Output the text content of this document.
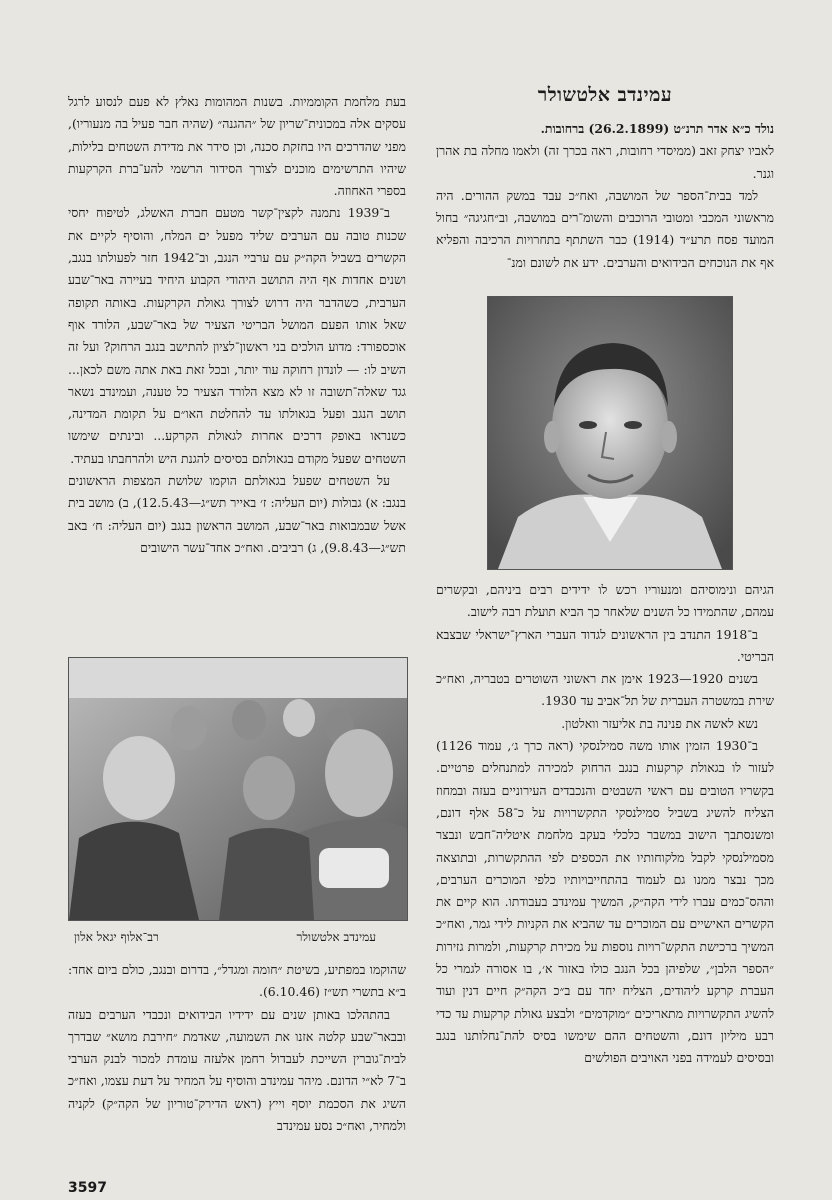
עמינדב אלטשולר

נולד כ״א אדר תרנ״ט (26.2.1899) ברחובות.

לאביו יצחק זאב (ממיסדי רחובות, ראה בכרך זה) ולאמו מחלה בת אהרן וגנר.

למד בבית־הספר של המושבה, ואח״כ עבד במשק ההורים. היה מראשוני המכבי ומטובי הרוכבים והשומ־רים במושבה, וב״חגיגה״ בחול המועד פסח תרע״ד (1914) כבר השתתף בתחרויות הרכיבה והפליא אף את הנוכחים הבידואים והערבים. ידע את לשונם ומנ־

הגיהם ונימוסיהם ומנעוריו רכש לו ידידים רבים ביניהם, ובקשרים עמהם, שהתמידו כל השנים שלאחר כך הביא תועלת רבה לישוב.

ב־1918 התנדב בין הראשונים לגדוד העברי הארץ־ישראלי שבצבא הבריטי.

בשנים 1920—1923 אימן את ראשוני השוטרים בטבריה, ואח״כ שירת במשטרה העברית של תל־אביב עד 1930.

נשא לאשה את פנינה בת אליעזר וואלטון.

ב־1930 הזמין אותו משה סמילנסקי (ראה כרך ג׳, עמוד 1126) לעזור לו בגאולת קרקעות בנגב הרחוק למכירה למתנחלים פרטיים. בקשריו הטובים עם ראשי השבטים והנכבדים העירוניים בעזה ובמחוז הצליח להשיג בשביל סמילנסקי התקשרויות על כ־58 אלף דונם, ומשנסתבך הישוב במשבר כלכלי בעקב מלחמת איטליה־חבש ונבצר מסמילנסקי לקבל מלקוחותיו את הכספים לפי ההתקשרות, ובתוצאה מכך נבצר ממנו גם לעמוד בהתחייבויותיו כלפי המוכרים הערבים, וההס־כמים עברו לידי הקה״ק, המשיך עמינדב בעבודתו. הוא קיים את הקשרים האישיים עם המוכרים עד שהביא את הקניות לידי גמר, ואח״כ המשיך ברכישת התקש־רויות נוספות על מכירת קרקעות, ולמרות גזירות ״הספר הלבן״, שלפיהן בכל הנגב כולו באזור א׳, בו אסורה לגמרי כל העברת קרקע ליהודים, הצליח יחד עם ב״כ הקה״ק חיים דנין ועוד להשיג התקשרויות מתאריכים ״מוקדמים״ ולבצע גאולת קרקעות עד כדי רבע מיליון דונם, והשטחים ההם שימשו בסיס להת־נחלותנו בנגב ובסיסים לעמידה בפני האויבים הפולשים

בעת מלחמת הקוממיות. בשנות המהומות נאלץ לא פעם לנסוע לרגל עסקים אלה במכונית־שריון של ״ההגנה״ (שהיה חבר פעיל בה מנעוריו), מפני שהדרכים היו בחזקת סכנה, וכן סידר את מדידת השטחים בלילות, שיהיו התרשימים מוכנים לצורך הסידור הרשמי להע־ברת הקרקעות בספרי האחוזה.

ב־1939 נתמנה לקצין־קשר מטעם חברת האשלג, לטיפוח יחסי שכנות טובה עם הערבים שליד מפעל ים המלח, והוסיף לקיים את הקשרים בשביל הקה״ק עם ערביי הנגב, וב־1942 חזר לפעולתו בנגב, ושנים אחדות אף היה התושב היהודי הקבוע היחיד בעיירה באר־שבע הערבית, כשהדבר היה דרוש לצורך גאולת הקרקעות. באותה תקופה שאל אותו הפעם המושל הבריטי הצעיר של באר־שבע, הלורד אוף אוכספורד: מדוע הולכים בני ראשון־לציון להתישב בנגב הרחוק? ועל זה השיב לו: — לונדון רחוקה עוד יותר, ובכל זאת באת אתה משם לכאן... גגד שאלה־תשובה זו לא מצא הלורד הצעיר כל טענה, ועמינדב נשאר תושב הנגב ופעל בגאולתו עד להחלטת האו״ם על תקומת המדינה, כשנראו באופק דרכים אחרות לגאולת הקרקע... ובינתים שימשו השטחים שפעל מקודם בגאולתם בסיסים להגנת היש ולהרחבתו בעתיד.

על השטחים שפעל בגאולתם הוקמו שלושת המצפות הראשונים בנגב: א) גבולות (יום העליה: ז׳ באייר תש״ג—12.5.43), ב) מושב בית אשל שבמבואות באר־שבע, המושב הראשון בנגב (יום העליה: ח׳ באב תש״ג—9.8.43), ג) רביבים. ואח״כ אחד־עשר הישובים

עמינדב אלטשולר
רב־אלוף יגאל אלון

שהוקמו במפתיע, בשיטת ״חומה ומגדל״, בדרום ובנגב, כולם ביום אחד: ב״א בתשרי תש״ז (6.10.46).

בהתהלכו באותן שנים עם ידידיו הבידואים ונכבדי הערבים בעזה ובבאר־שבע קלטה אזנו את השמועה, שאדמת ״חירבת מושא״ שבדרך לבית־גוברין השייכת לעבדול רחמן אלעזה עומדת למכור לבנק הערבי ב־7 לא״י הדונם. מיהר עמינדב והוסיף על המחיר על דעת עצמו, ואח״כ השיג את הסכמת יוסף וייץ (ראש הדירק־טוריון של הקה״ק) לקניה ולמחיר, ואח״כ נסע עמינדב

3597
